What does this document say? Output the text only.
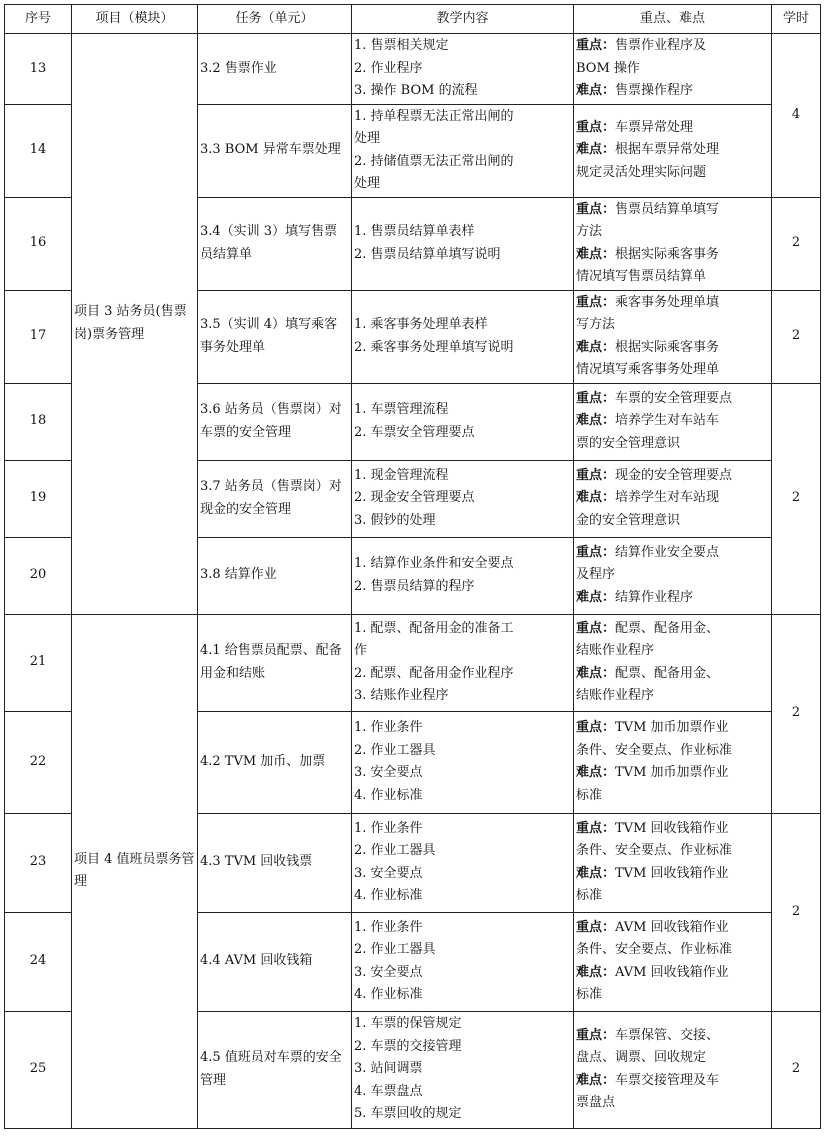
序号	项目（模块）	任务（单元）	教学内容	重点、难点	学时
13	项目 3 站务员(售票岗)票务管理	3.2 售票作业	1. 售票相关规定
2. 作业程序
3. 操作 BOM 的流程	重点：售票作业程序及
BOM 操作
难点：售票操作程序	4
14		3.3 BOM 异常车票处理	1. 持单程票无法正常出闸的
处理
2. 持储值票无法正常出闸的
处理	重点：车票异常处理
难点：根据车票异常处理
规定灵活处理实际问题	

16		3.4（实训 3）填写售票员结算单	1. 售票员结算单表样
2. 售票员结算单填写说明	重点：售票员结算单填写
方法
难点：根据实际乘客事务
情况填写售票员结算单	2
17		3.5（实训 4）填写乘客事务处理单	1. 乘客事务处理单表样
2. 乘客事务处理单填写说明	重点：乘客事务处理单填
写方法
难点：根据实际乘客事务
情况填写乘客事务处理单	2
18		3.6 站务员（售票岗）对车票的安全管理	1. 车票管理流程
2. 车票安全管理要点	重点：车票的安全管理要点
难点：培养学生对车站车
票的安全管理意识	2
19		3.7 站务员（售票岗）对现金的安全管理	1. 现金管理流程
2. 现金安全管理要点
3. 假钞的处理	重点：现金的安全管理要点
难点：培养学生对车站现
金的安全管理意识	

20		3.8 结算作业	1. 结算作业条件和安全要点
2. 售票员结算的程序	重点：结算作业安全要点
及程序
难点：结算作业程序	

21	项目 4 值班员票务管理	4.1 给售票员配票、配备用金和结账	1. 配票、配备用金的准备工
作
2. 配票、配备用金作业程序
3. 结账作业程序	重点：配票、配备用金、
结账作业程序
难点：配票、配备用金、
结账作业程序	2
22		4.2 TVM 加币、加票	1. 作业条件
2. 作业工器具
3. 安全要点
4. 作业标准	重点：TVM 加币加票作业
条件、安全要点、作业标准
难点：TVM 加币加票作业
标准	

23		4.3 TVM 回收钱票	1. 作业条件
2. 作业工器具
3. 安全要点
4. 作业标准	重点：TVM 回收钱箱作业
条件、安全要点、作业标准
难点：TVM 回收钱箱作业
标准	2
24		4.4 AVM 回收钱箱	1. 作业条件
2. 作业工器具
3. 安全要点
4. 作业标准	重点：AVM 回收钱箱作业
条件、安全要点、作业标准
难点：AVM 回收钱箱作业
标准	

25		4.5 值班员对车票的安全管理	1. 车票的保管规定
2. 车票的交接管理
3. 站间调票
4. 车票盘点
5. 车票回收的规定	重点：车票保管、交接、
盘点、调票、回收规定
难点：车票交接管理及车
票盘点	2
